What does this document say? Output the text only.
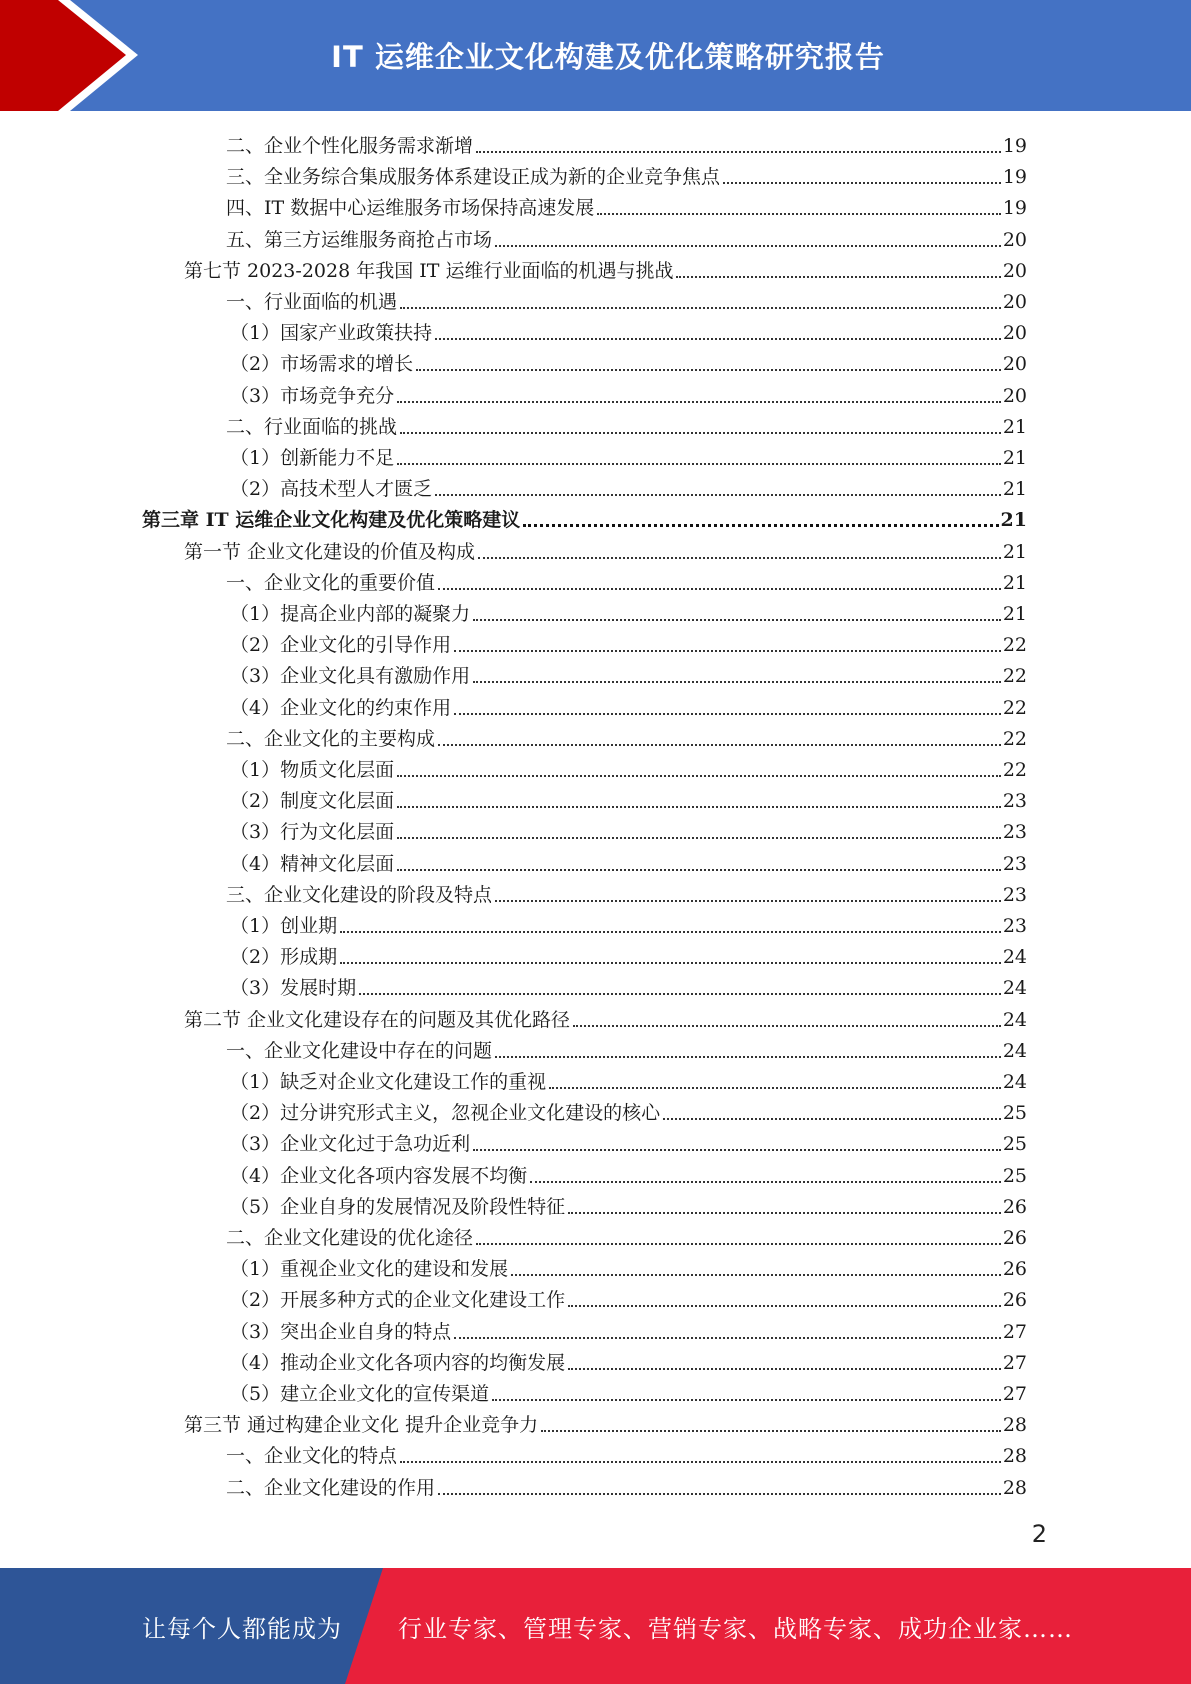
IT 运维企业文化构建及优化策略研究报告
二、企业个性化服务需求渐增	19
三、全业务综合集成服务体系建设正成为新的企业竞争焦点	19
四、IT 数据中心运维服务市场保持高速发展	19
五、第三方运维服务商抢占市场	20
第七节 2023-2028 年我国 IT 运维行业面临的机遇与挑战	20
一、行业面临的机遇	20
（1）国家产业政策扶持	20
（2）市场需求的增长	20
（3）市场竞争充分	20
二、行业面临的挑战	21
（1）创新能力不足	21
（2）高技术型人才匮乏	21
第三章 IT 运维企业文化构建及优化策略建议	21
第一节 企业文化建设的价值及构成	21
一、企业文化的重要价值	21
（1）提高企业内部的凝聚力	21
（2）企业文化的引导作用	22
（3）企业文化具有激励作用	22
（4）企业文化的约束作用	22
二、企业文化的主要构成	22
（1）物质文化层面	22
（2）制度文化层面	23
（3）行为文化层面	23
（4）精神文化层面	23
三、企业文化建设的阶段及特点	23
（1）创业期	23
（2）形成期	24
（3）发展时期	24
第二节 企业文化建设存在的问题及其优化路径	24
一、企业文化建设中存在的问题	24
（1）缺乏对企业文化建设工作的重视	24
（2）过分讲究形式主义，忽视企业文化建设的核心	25
（3）企业文化过于急功近利	25
（4）企业文化各项内容发展不均衡	25
（5）企业自身的发展情况及阶段性特征	26
二、企业文化建设的优化途径	26
（1）重视企业文化的建设和发展	26
（2）开展多种方式的企业文化建设工作	26
（3）突出企业自身的特点	27
（4）推动企业文化各项内容的均衡发展	27
（5）建立企业文化的宣传渠道	27
第三节 通过构建企业文化 提升企业竞争力	28
一、企业文化的特点	28
二、企业文化建设的作用	28
2
让每个人都能成为 行业专家、管理专家、营销专家、战略专家、成功企业家……
